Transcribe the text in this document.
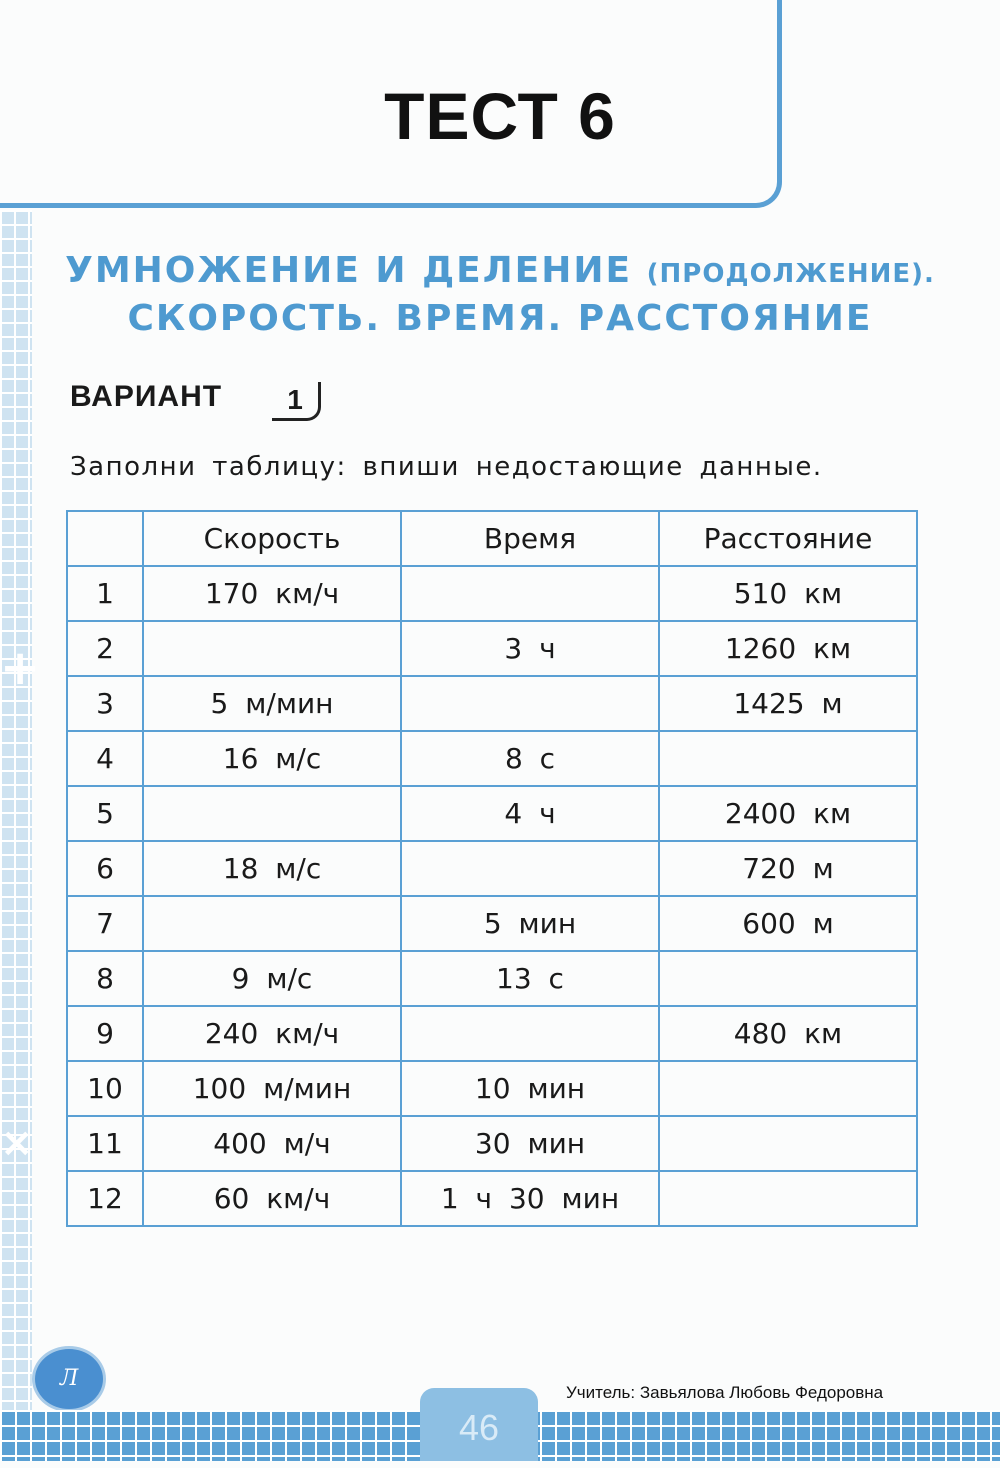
+
×
ТЕСТ 6
УМНОЖЕНИЕ И ДЕЛЕНИЕ (ПРОДОЛЖЕНИЕ).
СКОРОСТЬ. ВРЕМЯ. РАССТОЯНИЕ
ВАРИАНТ	1
Заполни таблицу: впиши недостающие данные.
	Скорость	Время	Расстояние
1	170 км/ч		510 км
2		3 ч	1260 км
3	5 м/мин		1425 м
4	16 м/с	8 с	
5		4 ч	2400 км
6	18 м/с		720 м
7		5 мин	600 м
8	9 м/с	13 с	
9	240 км/ч		480 км
10	100 м/мин	10 мин	
11	400 м/ч	30 мин	
12	60 км/ч	1 ч 30 мин	
Л
Учитель: Завьялова Любовь Федоровна
46
